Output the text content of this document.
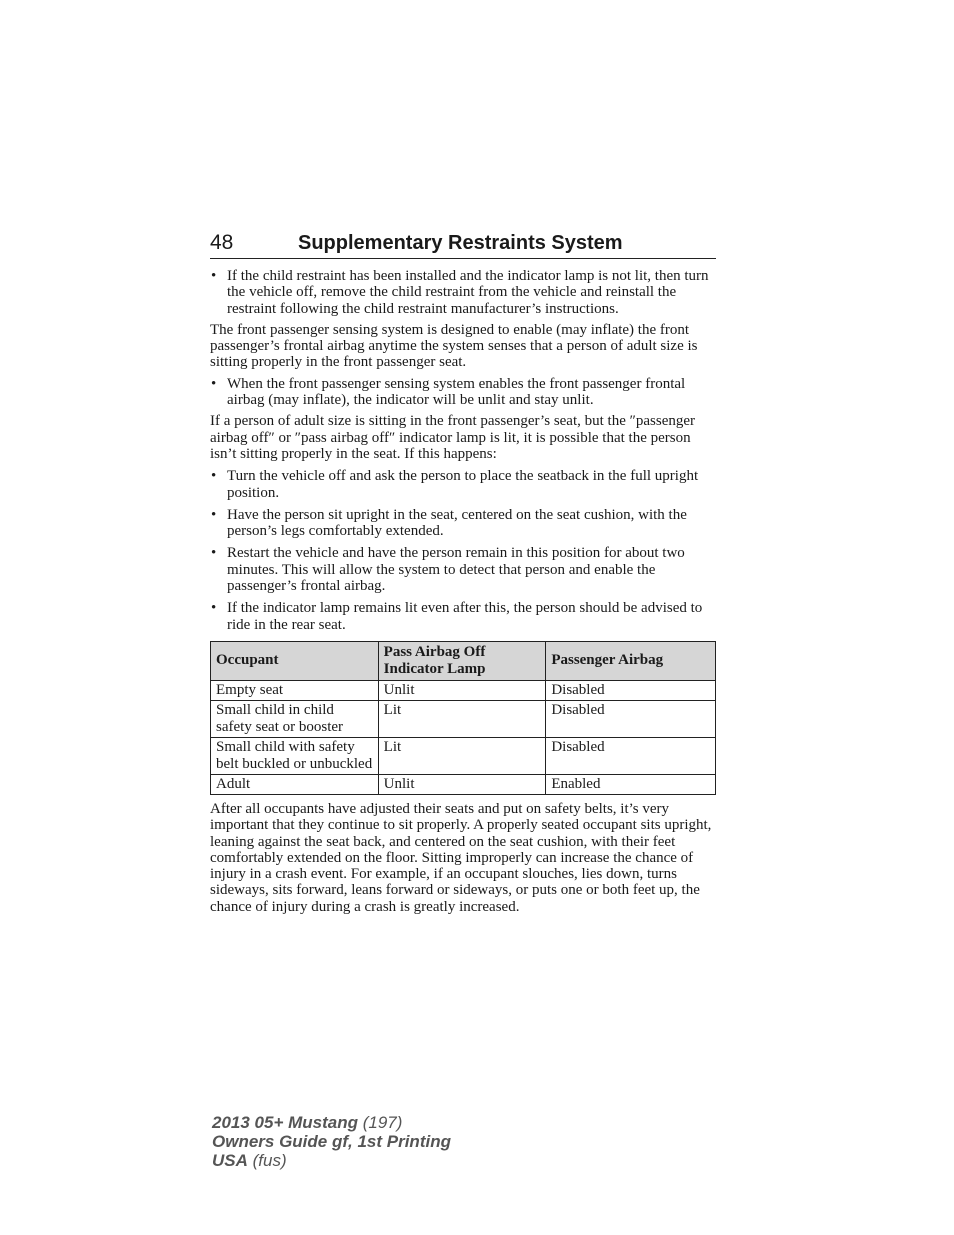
48	Supplementary Restraints System
• If the child restraint has been installed and the indicator lamp is not lit, then turn the vehicle off, remove the child restraint from the vehicle and reinstall the restraint following the child restraint manufacturer’s instructions.

The front passenger sensing system is designed to enable (may inflate) the front passenger’s frontal airbag anytime the system senses that a person of adult size is sitting properly in the front passenger seat.

• When the front passenger sensing system enables the front passenger frontal airbag (may inflate), the indicator will be unlit and stay unlit.

If a person of adult size is sitting in the front passenger’s seat, but the ″passenger airbag off″ or ″pass airbag off″ indicator lamp is lit, it is possible that the person isn’t sitting properly in the seat. If this happens:

• Turn the vehicle off and ask the person to place the seatback in the full upright position.
• Have the person sit upright in the seat, centered on the seat cushion, with the person’s legs comfortably extended.
• Restart the vehicle and have the person remain in this position for about two minutes. This will allow the system to detect that person and enable the passenger’s frontal airbag.
• If the indicator lamp remains lit even after this, the person should be advised to ride in the rear seat.
Occupant	Pass Airbag Off Indicator Lamp	Passenger Airbag
Empty seat	Unlit	Disabled
Small child in child safety seat or booster	Lit	Disabled
Small child with safety belt buckled or unbuckled	Lit	Disabled
Adult	Unlit	Enabled

After all occupants have adjusted their seats and put on safety belts, it’s very important that they continue to sit properly. A properly seated occupant sits upright, leaning against the seat back, and centered on the seat cushion, with their feet comfortably extended on the floor. Sitting improperly can increase the chance of injury in a crash event. For example, if an occupant slouches, lies down, turns sideways, sits forward, leans forward or sideways, or puts one or both feet up, the chance of injury during a crash is greatly increased.

2013 05+ Mustang (197)
Owners Guide gf, 1st Printing
USA (fus)
